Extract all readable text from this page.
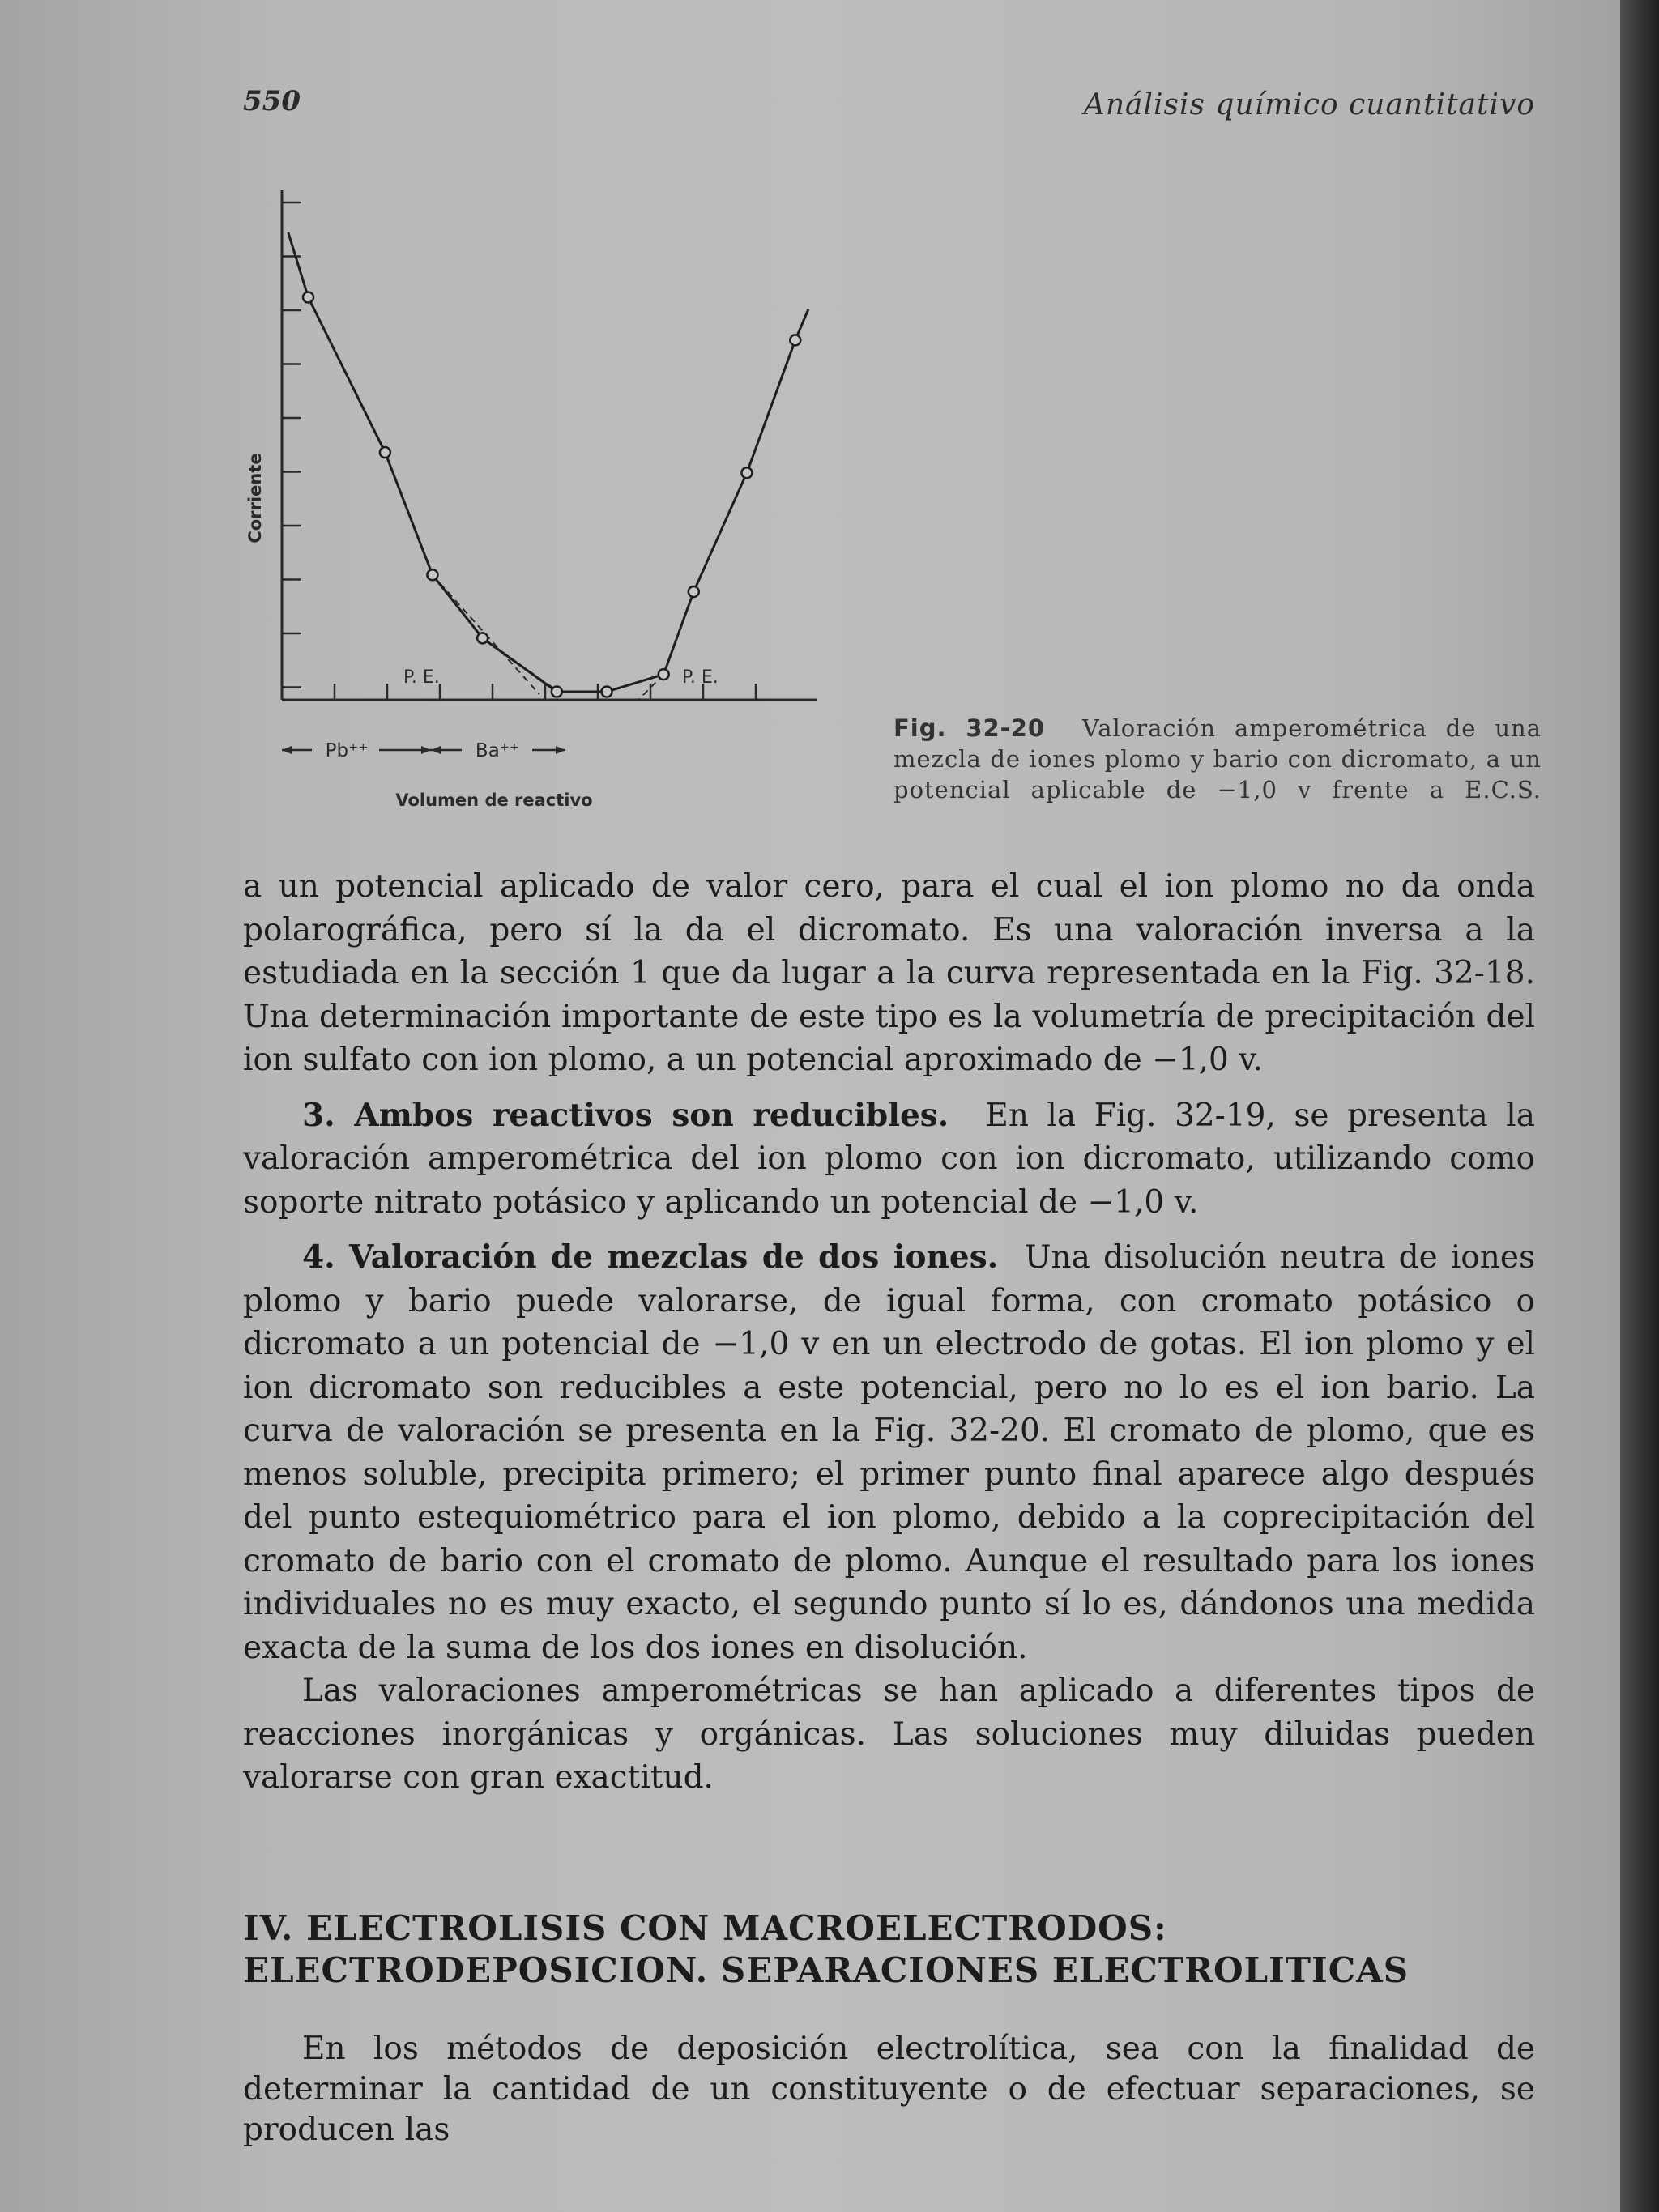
550	Análisis químico cuantitativo
Corriente
P. E.	P. E.
Pb⁺⁺	Ba⁺⁺
Volumen de reactivo
Fig. 32-20 Valoración amperométrica de una mezcla de iones plomo y bario con dicromato, a un potencial aplicable de −1,0 v frente a E.C.S.

a un potencial aplicado de valor cero, para el cual el ion plomo no da onda polarográfica, pero sí la da el dicromato. Es una valoración inversa a la estudiada en la sección 1 que da lugar a la curva representada en la Fig. 32-18. Una determinación importante de este tipo es la volumetría de precipitación del ion sulfato con ion plomo, a un potencial aproximado de −1,0 v.

3. Ambos reactivos son reducibles. En la Fig. 32-19, se presenta la valoración amperométrica del ion plomo con ion dicromato, utilizando como soporte nitrato potásico y aplicando un potencial de −1,0 v.

4. Valoración de mezclas de dos iones. Una disolución neutra de iones plomo y bario puede valorarse, de igual forma, con cromato potásico o dicromato a un potencial de −1,0 v en un electrodo de gotas. El ion plomo y el ion dicromato son reducibles a este potencial, pero no lo es el ion bario. La curva de valoración se presenta en la Fig. 32-20. El cromato de plomo, que es menos soluble, precipita primero; el primer punto final aparece algo después del punto estequiométrico para el ion plomo, debido a la coprecipitación del cromato de bario con el cromato de plomo. Aunque el resultado para los iones individuales no es muy exacto, el segundo punto sí lo es, dándonos una medida exacta de la suma de los dos iones en disolución.

Las valoraciones amperométricas se han aplicado a diferentes tipos de reacciones inorgánicas y orgánicas. Las soluciones muy diluidas pueden valorarse con gran exactitud.

IV. ELECTROLISIS CON MACROELECTRODOS:
ELECTRODEPOSICION. SEPARACIONES ELECTROLITICAS
En los métodos de deposición electrolítica, sea con la finalidad de determinar la cantidad de un constituyente o de efectuar separaciones, se producen las
